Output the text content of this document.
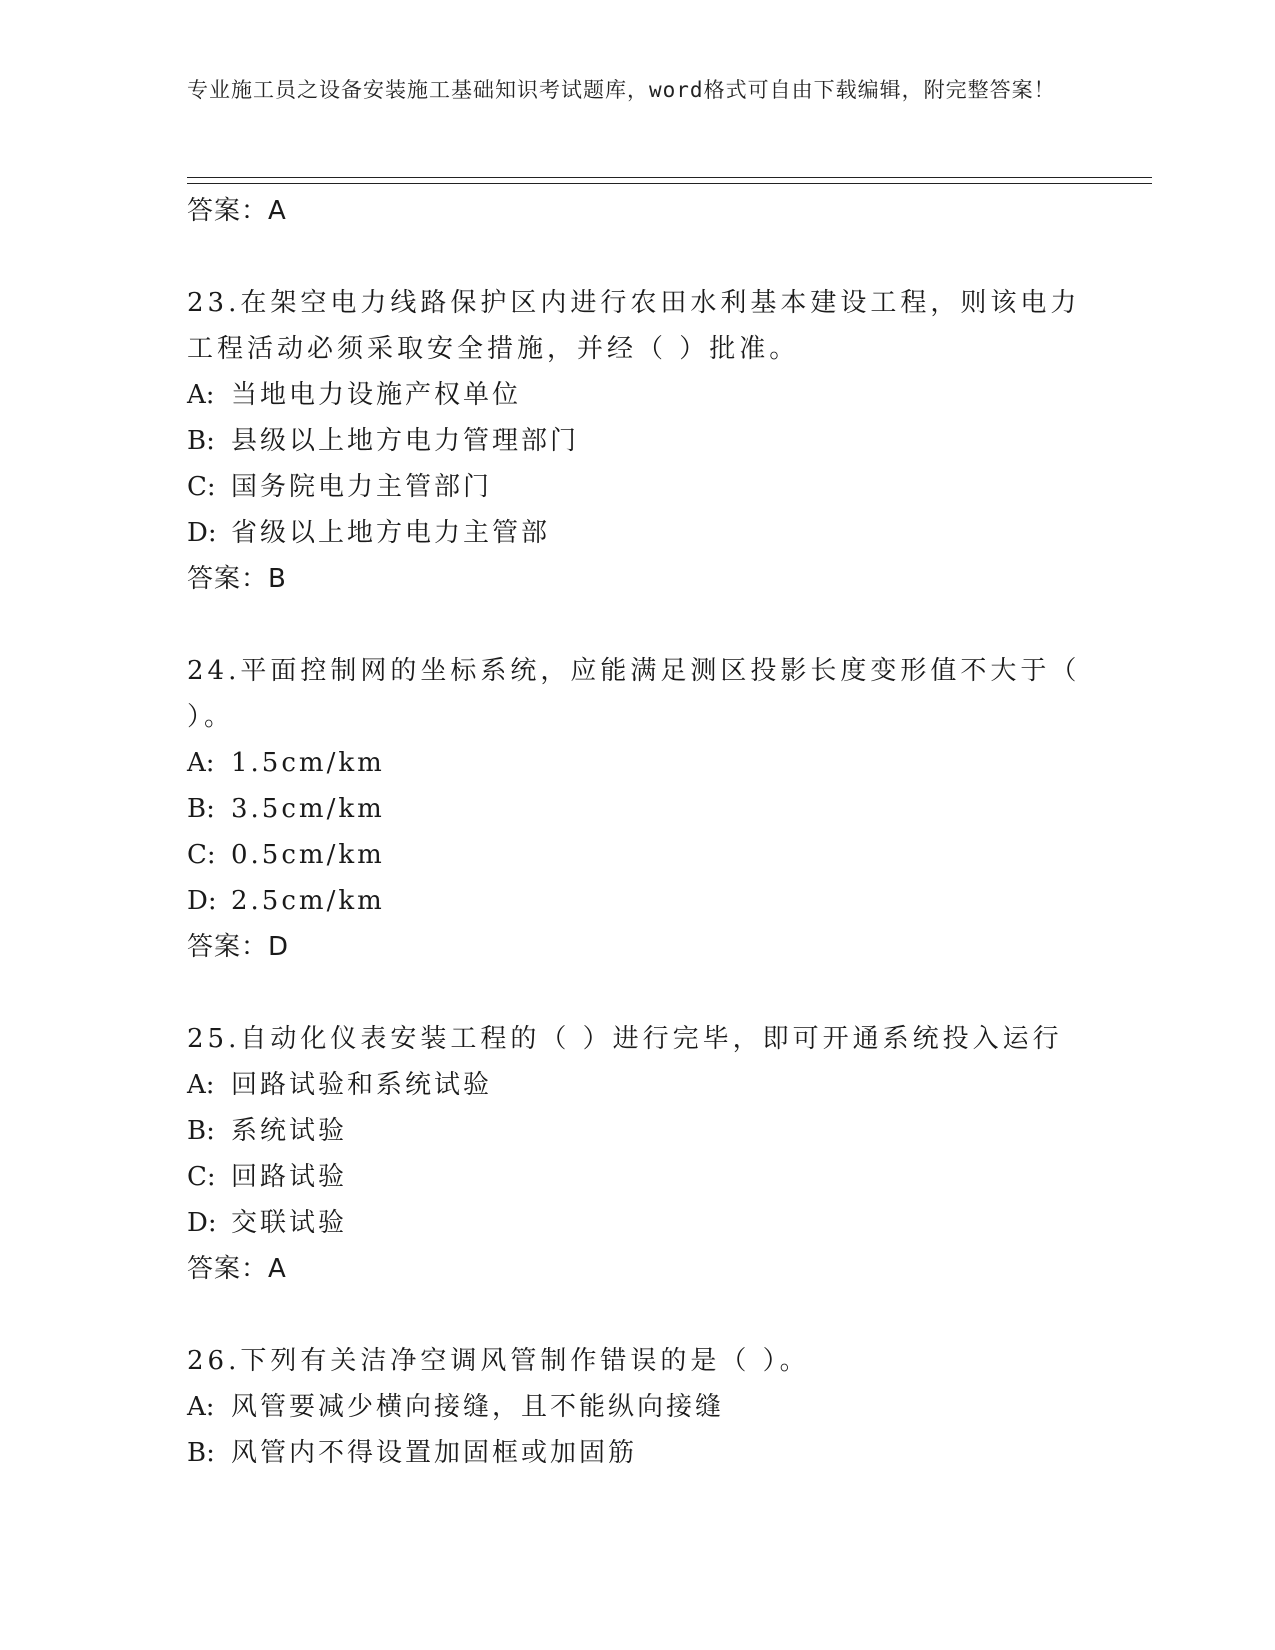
专业施工员之设备安装施工基础知识考试题库，word格式可自由下载编辑，附完整答案！
答案：A
23.在架空电力线路保护区内进行农田水利基本建设工程，则该电力工程活动必须采取安全措施，并经（ ）批准。
A: 当地电力设施产权单位
B: 县级以上地方电力管理部门
C: 国务院电力主管部门
D: 省级以上地方电力主管部
答案：B
24.平面控制网的坐标系统，应能满足测区投影长度变形值不大于（ ）。
A: 1.5cm/km
B: 3.5cm/km
C: 0.5cm/km
D: 2.5cm/km
答案：D
25.自动化仪表安装工程的（ ）进行完毕，即可开通系统投入运行
A: 回路试验和系统试验
B: 系统试验
C: 回路试验
D: 交联试验
答案：A
26.下列有关洁净空调风管制作错误的是（ ）。
A: 风管要减少横向接缝，且不能纵向接缝
B: 风管内不得设置加固框或加固筋
